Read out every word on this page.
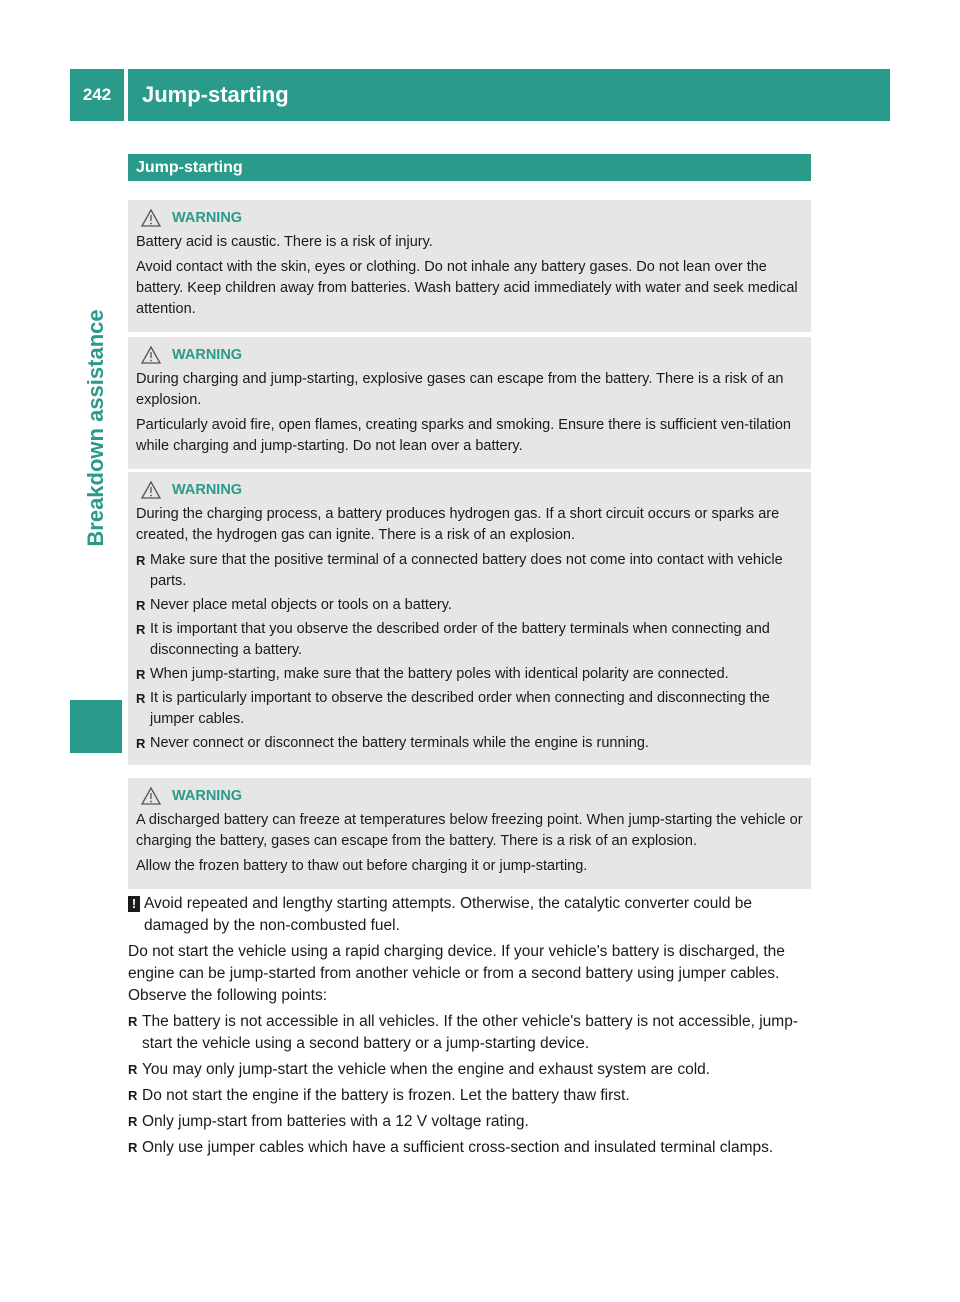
242	Jump-starting
Breakdown assistance
Jump-starting
WARNING

Battery acid is caustic. There is a risk of injury.

Avoid contact with the skin, eyes or clothing. Do not inhale any battery gases. Do not lean over the battery. Keep children away from batteries. Wash battery acid immediately with water and seek medical attention.

WARNING

During charging and jump-starting, explosive gases can escape from the battery. There is a risk of an explosion.

Particularly avoid fire, open flames, creating sparks and smoking. Ensure there is sufficient ven-tilation while charging and jump-starting. Do not lean over a battery.

WARNING

During the charging process, a battery produces hydrogen gas. If a short circuit occurs or sparks are created, the hydrogen gas can ignite. There is a risk of an explosion.

R Make sure that the positive terminal of a connected battery does not come into contact with vehicle parts.
R Never place metal objects or tools on a battery.
R It is important that you observe the described order of the battery terminals when connecting and disconnecting a battery.
R When jump-starting, make sure that the battery poles with identical polarity are connected.
R It is particularly important to observe the described order when connecting and disconnecting the jumper cables.
R Never connect or disconnect the battery terminals while the engine is running.
WARNING

A discharged battery can freeze at temperatures below freezing point. When jump-starting the vehicle or charging the battery, gases can escape from the battery. There is a risk of an explosion.

Allow the frozen battery to thaw out before charging it or jump-starting.

! Avoid repeated and lengthy starting attempts. Otherwise, the catalytic converter could be damaged by the non-combusted fuel.

Do not start the vehicle using a rapid charging device. If your vehicle's battery is discharged, the engine can be jump-started from another vehicle or from a second battery using jumper cables. Observe the following points:

R The battery is not accessible in all vehicles. If the other vehicle's battery is not accessible, jump-start the vehicle using a second battery or a jump-starting device.
R You may only jump-start the vehicle when the engine and exhaust system are cold.
R Do not start the engine if the battery is frozen. Let the battery thaw first.
R Only jump-start from batteries with a 12 V voltage rating.
R Only use jumper cables which have a sufficient cross-section and insulated terminal clamps.
